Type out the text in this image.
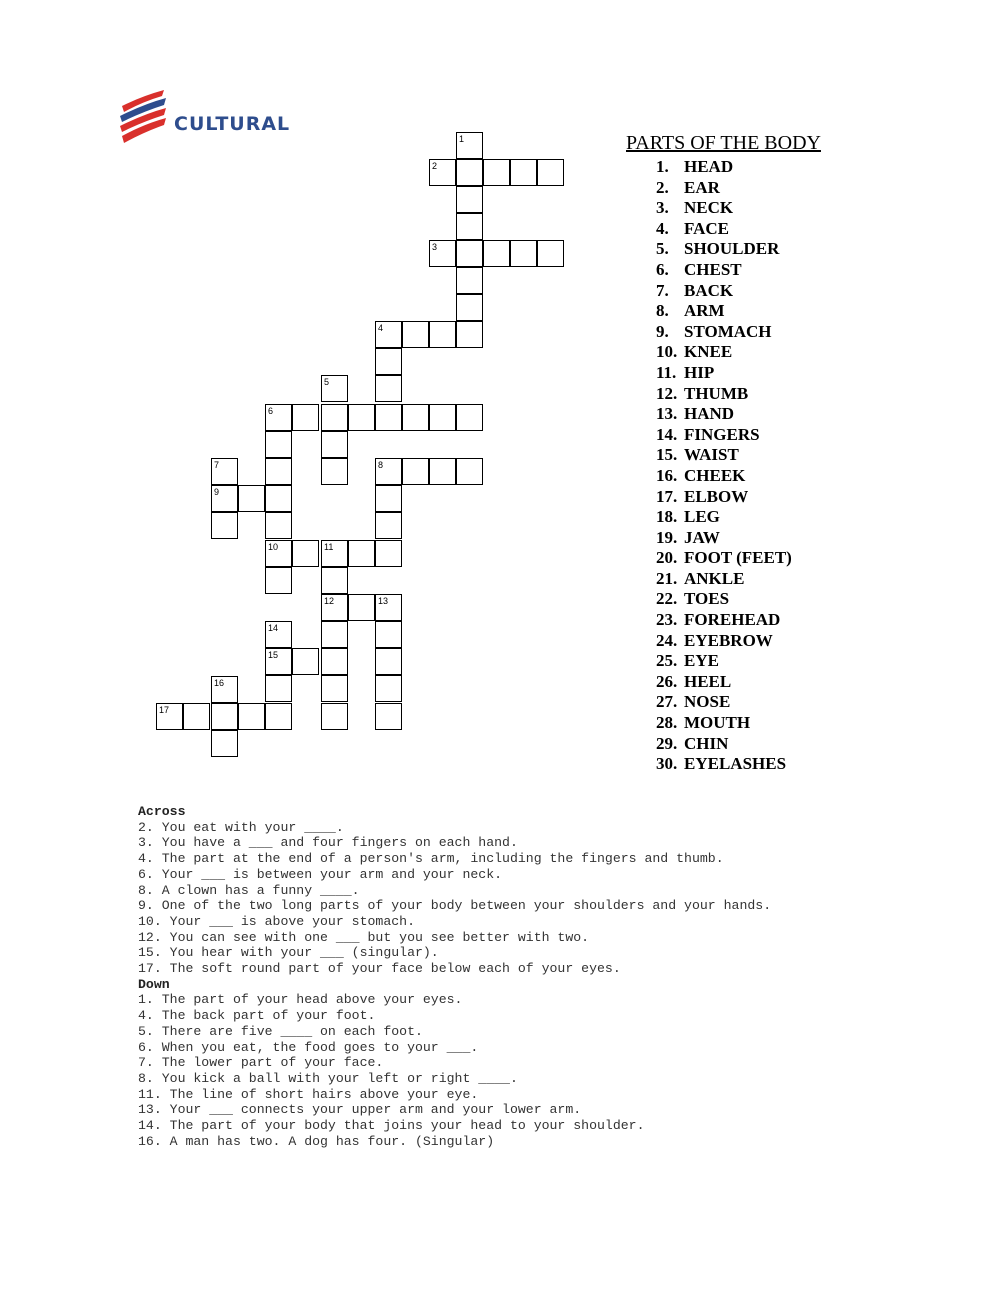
CULTURAL
1
2
3
4
5
6
8
7
9
10	11
12	13
14
15
16
17
PARTS OF THE BODY
1. HEAD
2. EAR
3. NECK
4. FACE
5. SHOULDER
6. CHEST
7. BACK
8. ARM
9. STOMACH
10. KNEE
11. HIP
12. THUMB
13. HAND
14. FINGERS
15. WAIST
16. CHEEK
17. ELBOW
18. LEG
19. JAW
20. FOOT (FEET)
21. ANKLE
22. TOES
23. FOREHEAD
24. EYEBROW
25. EYE
26. HEEL
27. NOSE
28. MOUTH
29. CHIN
30. EYELASHES
Across
2. You eat with your ____.
3. You have a ___ and four fingers on each hand.
4. The part at the end of a person's arm, including the fingers and thumb.
6. Your ___ is between your arm and your neck.
8. A clown has a funny ____.
9. One of the two long parts of your body between your shoulders and your hands.
10. Your ___ is above your stomach.
12. You can see with one ___ but you see better with two.
15. You hear with your ___ (singular).
17. The soft round part of your face below each of your eyes.
Down
1. The part of your head above your eyes.
4. The back part of your foot.
5. There are five ____ on each foot.
6. When you eat, the food goes to your ___.
7. The lower part of your face.
8. You kick a ball with your left or right ____.
11. The line of short hairs above your eye.
13. Your ___ connects your upper arm and your lower arm.
14. The part of your body that joins your head to your shoulder.
16. A man has two. A dog has four. (Singular)
